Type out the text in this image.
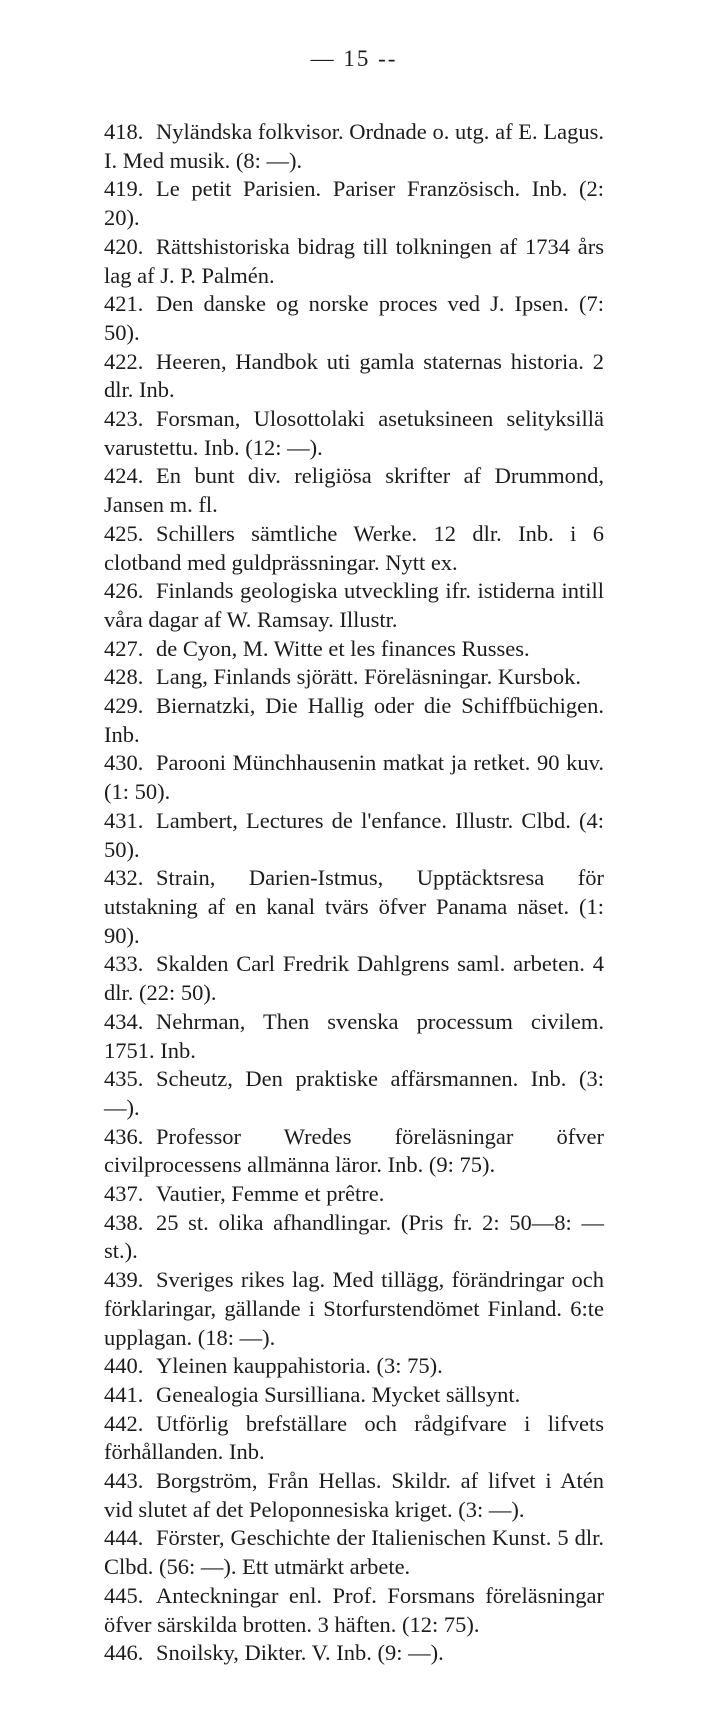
— 15 --

418. Nyländska folkvisor. Ordnade o. utg. af E. Lagus. I. Med musik. (8: —).

419. Le petit Parisien. Pariser Französisch. Inb. (2: 20).

420. Rättshistoriska bidrag till tolkningen af 1734 års lag af J. P. Palmén.

421. Den danske og norske proces ved J. Ipsen. (7: 50).

422. Heeren, Handbok uti gamla staternas historia. 2 dlr. Inb.

423. Forsman, Ulosottolaki asetuksineen selityksillä varustettu. Inb. (12: —).

424. En bunt div. religiösa skrifter af Drummond, Jansen m. fl.

425. Schillers sämtliche Werke. 12 dlr. Inb. i 6 clotband med guldprässningar. Nytt ex.

426. Finlands geologiska utveckling ifr. istiderna intill våra dagar af W. Ramsay. Illustr.

427. de Cyon, M. Witte et les finances Russes.

428. Lang, Finlands sjörätt. Föreläsningar. Kursbok.

429. Biernatzki, Die Hallig oder die Schiffbüchigen. Inb.

430. Parooni Münchhausenin matkat ja retket. 90 kuv. (1: 50).

431. Lambert, Lectures de l'enfance. Illustr. Clbd. (4: 50).

432. Strain, Darien-Istmus, Upptäcktsresa för utstakning af en kanal tvärs öfver Panama näset. (1: 90).

433. Skalden Carl Fredrik Dahlgrens saml. arbeten. 4 dlr. (22: 50).

434. Nehrman, Then svenska processum civilem. 1751. Inb.

435. Scheutz, Den praktiske affärsmannen. Inb. (3: —).

436. Professor Wredes föreläsningar öfver civilprocessens allmänna läror. Inb. (9: 75).

437. Vautier, Femme et prêtre.

438. 25 st. olika afhandlingar. (Pris fr. 2: 50—8: — st.).

439. Sveriges rikes lag. Med tillägg, förändringar och förklaringar, gällande i Storfurstendömet Finland. 6:te upplagan. (18: —).

440. Yleinen kauppahistoria. (3: 75).

441. Genealogia Sursilliana. Mycket sällsynt.

442. Utförlig brefställare och rådgifvare i lifvets förhållanden. Inb.

443. Borgström, Från Hellas. Skildr. af lifvet i Atén vid slutet af det Peloponnesiska kriget. (3: —).

444. Förster, Geschichte der Italienischen Kunst. 5 dlr. Clbd. (56: —). Ett utmärkt arbete.

445. Anteckningar enl. Prof. Forsmans föreläsningar öfver särskilda brotten. 3 häften. (12: 75).

446. Snoilsky, Dikter. V. Inb. (9: —).
